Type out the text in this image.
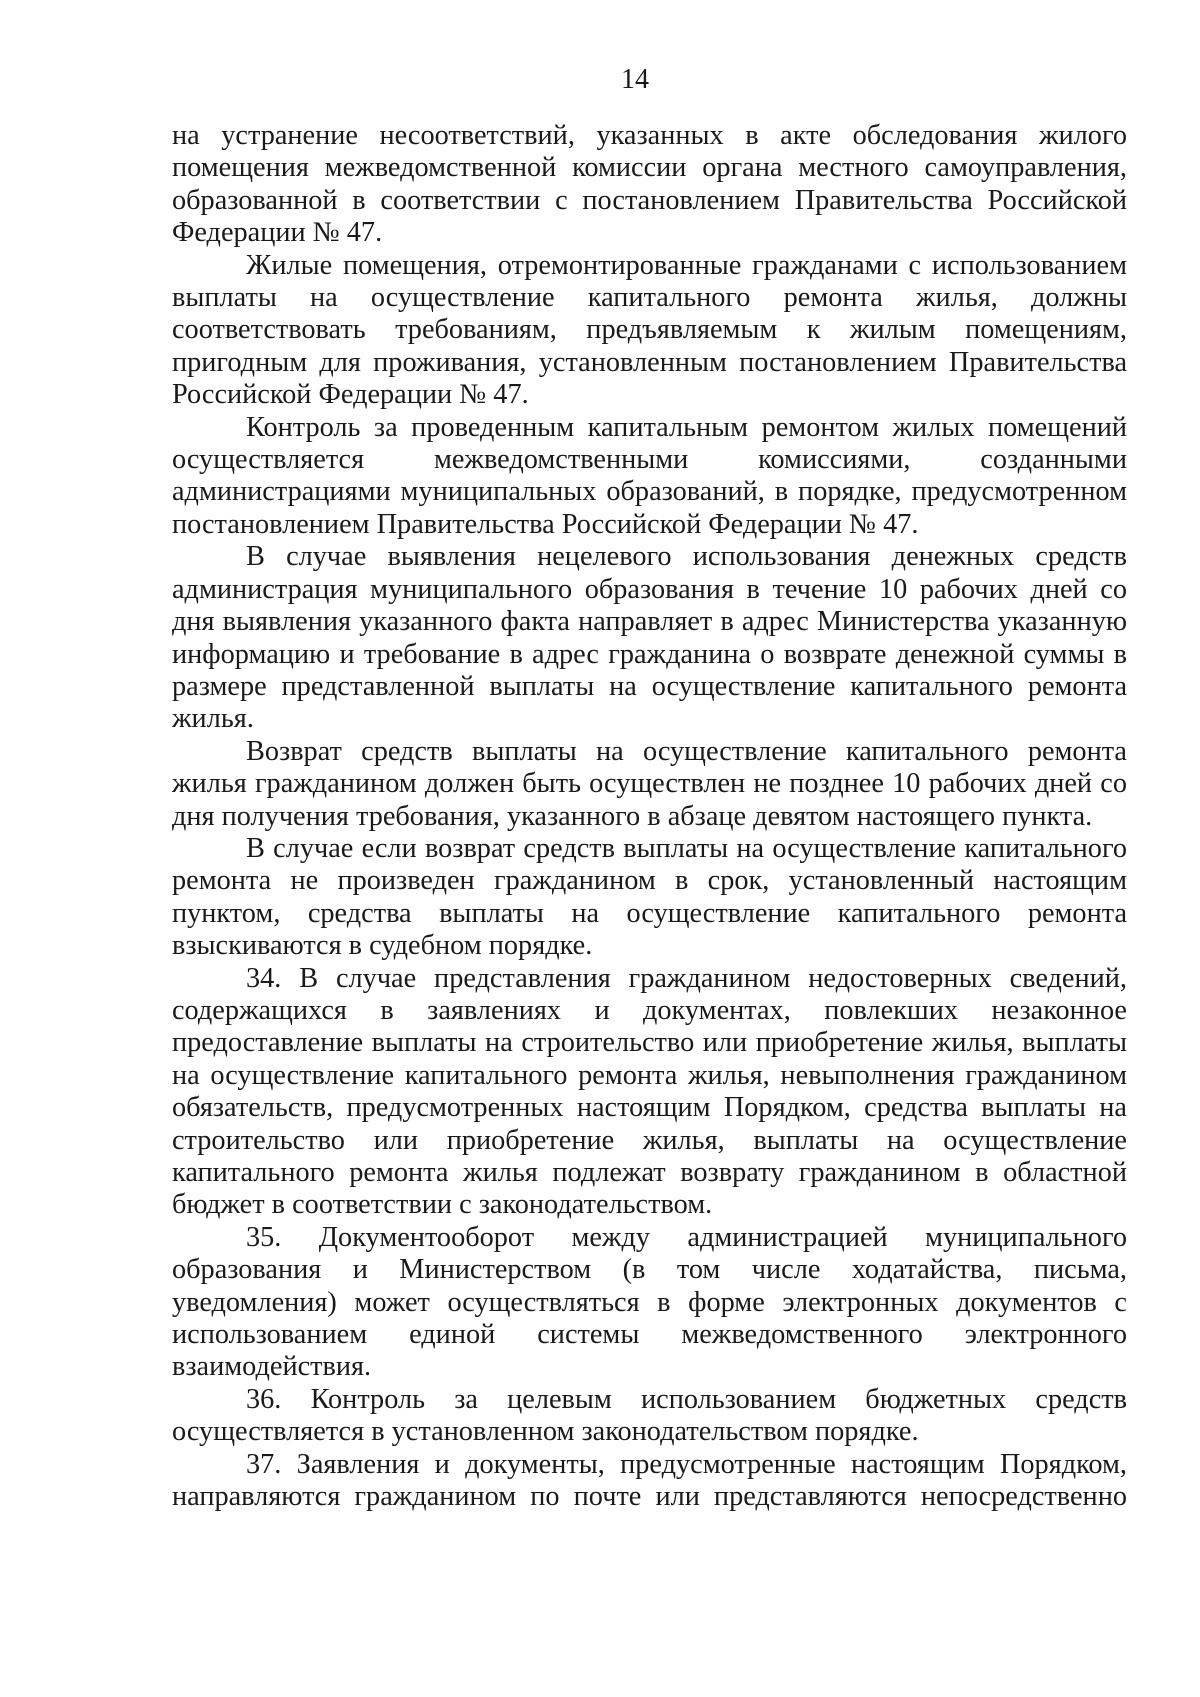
14

на устранение несоответствий, указанных в акте обследования жилого помещения межведомственной комиссии органа местного самоуправления, образованной в соответствии с постановлением Правительства Российской Федерации № 47.

Жилые помещения, отремонтированные гражданами с использованием выплаты на осуществление капитального ремонта жилья, должны соответствовать требованиям, предъявляемым к жилым помещениям, пригодным для проживания, установленным постановлением Правительства Российской Федерации № 47.

Контроль за проведенным капитальным ремонтом жилых помещений осуществляется межведомственными комиссиями, созданными администрациями муниципальных образований, в порядке, предусмотренном постановлением Правительства Российской Федерации № 47.

В случае выявления нецелевого использования денежных средств администрация муниципального образования в течение 10 рабочих дней со дня выявления указанного факта направляет в адрес Министерства указанную информацию и требование в адрес гражданина о возврате денежной суммы в размере представленной выплаты на осуществление капитального ремонта жилья.

Возврат средств выплаты на осуществление капитального ремонта жилья гражданином должен быть осуществлен не позднее 10 рабочих дней со дня получения требования, указанного в абзаце девятом настоящего пункта.

В случае если возврат средств выплаты на осуществление капитального ремонта не произведен гражданином в срок, установленный настоящим пунктом, средства выплаты на осуществление капитального ремонта взыскиваются в судебном порядке.

34. В случае представления гражданином недостоверных сведений, содержащихся в заявлениях и документах, повлекших незаконное предоставление выплаты на строительство или приобретение жилья, выплаты на осуществление капитального ремонта жилья, невыполнения гражданином обязательств, предусмотренных настоящим Порядком, средства выплаты на строительство или приобретение жилья, выплаты на осуществление капитального ремонта жилья подлежат возврату гражданином в областной бюджет в соответствии с законодательством.

35. Документооборот между администрацией муниципального образования и Министерством (в том числе ходатайства, письма, уведомления) может осуществляться в форме электронных документов с использованием единой системы межведомственного электронного взаимодействия.

36. Контроль за целевым использованием бюджетных средств осуществляется в установленном законодательством порядке.

37. Заявления и документы, предусмотренные настоящим Порядком, направляются гражданином по почте или представляются непосредственно
